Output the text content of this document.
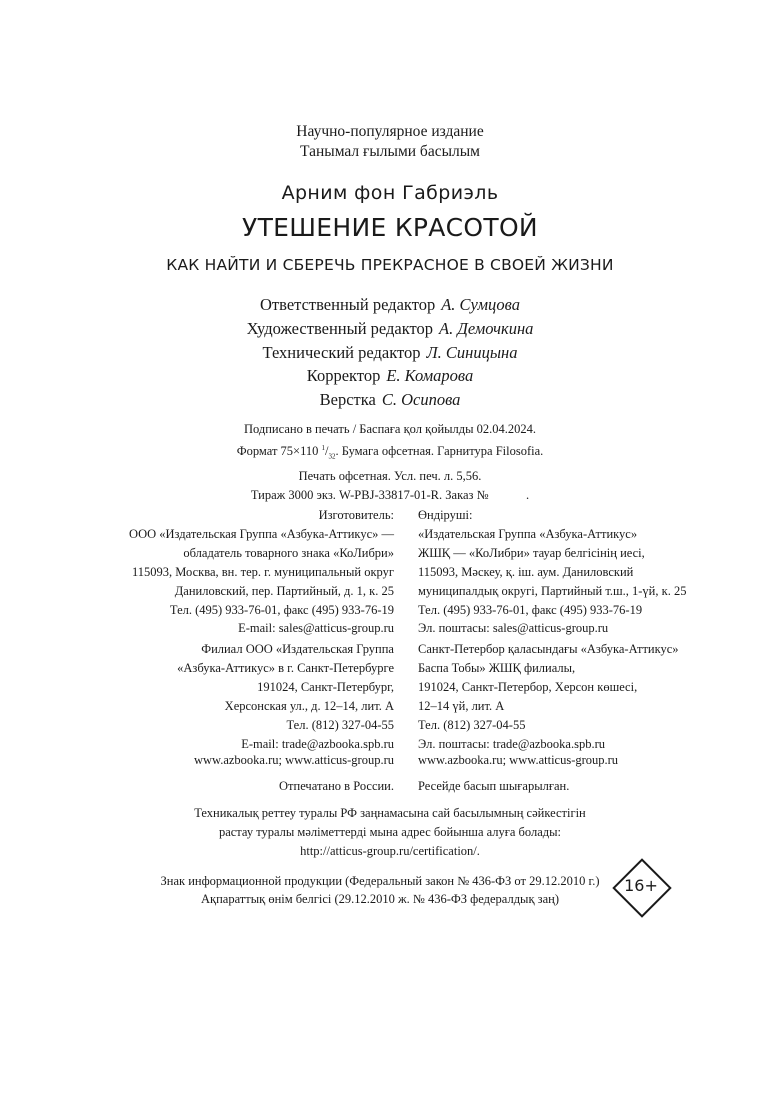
Научно-популярное издание
Танымал ғылыми басылым
Арним фон Габриэль
УТЕШЕНИЕ КРАСОТОЙ
КАК НАЙТИ И СБЕРЕЧЬ ПРЕКРАСНОЕ В СВОЕЙ ЖИЗНИ
Ответственный редактор А. Сумцова
Художественный редактор А. Демочкина
Технический редактор Л. Синицына
Корректор Е. Комарова
Верстка С. Осипова
Подписано в печать / Баспаға қол қойылды 02.04.2024.
Формат 75×110 $^1/_{32}$. Бумага офсетная. Гарнитура Filosofia.
Печать офсетная. Усл. печ. л. 5,56.
Тираж 3000 экз. W-PBJ-33817-01-R. Заказ №            .
Изготовитель:
ООО «Издательская Группа «Азбука-Аттикус» —
обладатель товарного знака «КоЛибри»
115093, Москва, вн. тер. г. муниципальный округ
Даниловский, пер. Партийный, д. 1, к. 25
Тел. (495) 933-76-01, факс (495) 933-76-19
E-mail: sales@atticus-group.ru
Өндіруші:
«Издательская Группа «Азбука-Аттикус»
ЖШҚ — «КоЛибри» тауар белгісінің иесі,
115093, Мәскеу, қ. іш. аум. Даниловский
муниципалдық округі, Партийный т.ш., 1-үй, к. 25
Тел. (495) 933-76-01, факс (495) 933-76-19
Эл. поштасы: sales@atticus-group.ru
Филиал ООО «Издательская Группа
«Азбука-Аттикус» в г. Санкт-Петербурге
191024, Санкт-Петербург,
Херсонская ул., д. 12–14, лит. А
Тел. (812) 327-04-55
E-mail: trade@azbooka.spb.ru
Санкт-Петербор қаласындағы «Азбука-Аттикус»
Баспа Тобы» ЖШҚ филиалы,
191024, Санкт-Петербор, Херсон көшесі,
12–14 үй, лит. А
Тел. (812) 327-04-55
Эл. поштасы: trade@azbooka.spb.ru
www.azbooka.ru; www.atticus-group.ru www.azbooka.ru; www.atticus-group.ru
Отпечатано в России. Ресейде басып шығарылған.
Техникалық реттеу туралы РФ заңнамасына сай басылымның сәйкестігін
растау туралы мәліметтерді мына адрес бойынша алуға болады:
http://atticus-group.ru/certification/.
Знак информационной продукции (Федеральный закон № 436-ФЗ от 29.12.2010 г.)
Ақпараттық өнім белгісі (29.12.2010 ж. № 436-ФЗ федералдық заң)
16+
